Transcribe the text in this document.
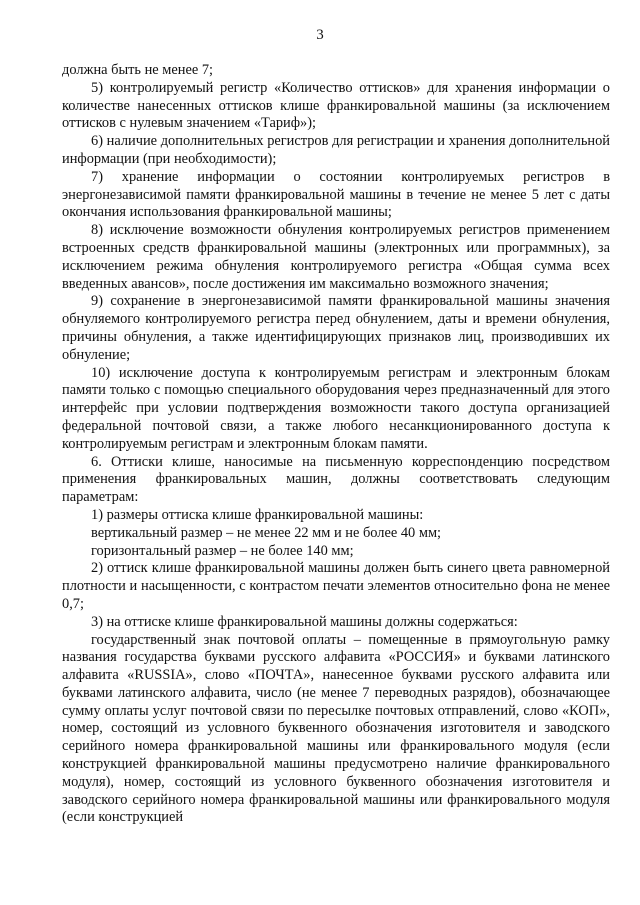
3

должна быть не менее 7;

5) контролируемый регистр «Количество оттисков» для хранения информации о количестве нанесенных оттисков клише франкировальной машины (за исключением оттисков с нулевым значением «Тариф»);

6) наличие дополнительных регистров для регистрации и хранения дополнительной информации (при необходимости);

7) хранение информации о состоянии контролируемых регистров в энергонезависимой памяти франкировальной машины в течение не менее 5 лет с даты окончания использования франкировальной машины;

8) исключение возможности обнуления контролируемых регистров применением встроенных средств франкировальной машины (электронных или программных), за исключением режима обнуления контролируемого регистра «Общая сумма всех введенных авансов», после достижения им максимально возможного значения;

9) сохранение в энергонезависимой памяти франкировальной машины значения обнуляемого контролируемого регистра перед обнулением, даты и времени обнуления, причины обнуления, а также идентифицирующих признаков лиц, производивших их обнуление;

10) исключение доступа к контролируемым регистрам и электронным блокам памяти только с помощью специального оборудования через предназначенный для этого интерфейс при условии подтверждения возможности такого доступа организацией федеральной почтовой связи, а также любого несанкционированного доступа к контролируемым регистрам и электронным блокам памяти.

6. Оттиски клише, наносимые на письменную корреспонденцию посредством применения франкировальных машин, должны соответствовать следующим параметрам:

1) размеры оттиска клише франкировальной машины:

вертикальный размер – не менее 22 мм и не более 40 мм;

горизонтальный размер – не более 140 мм;

2) оттиск клише франкировальной машины должен быть синего цвета равномерной плотности и насыщенности, с контрастом печати элементов относительно фона не менее 0,7;

3) на оттиске клише франкировальной машины должны содержаться:

государственный знак почтовой оплаты – помещенные в прямоугольную рамку названия государства буквами русского алфавита «РОССИЯ» и буквами латинского алфавита «RUSSIA», слово «ПОЧТА», нанесенное буквами русского алфавита или буквами латинского алфавита, число (не менее 7 переводных разрядов), обозначающее сумму оплаты услуг почтовой связи по пересылке почтовых отправлений, слово «КОП», номер, состоящий из условного буквенного обозначения изготовителя и заводского серийного номера франкировальной машины или франкировального модуля (если конструкцией франкировальной машины предусмотрено наличие франкировального модуля), номер, состоящий из условного буквенного обозначения изготовителя и заводского серийного номера франкировальной машины или франкировального модуля (если конструкцией
